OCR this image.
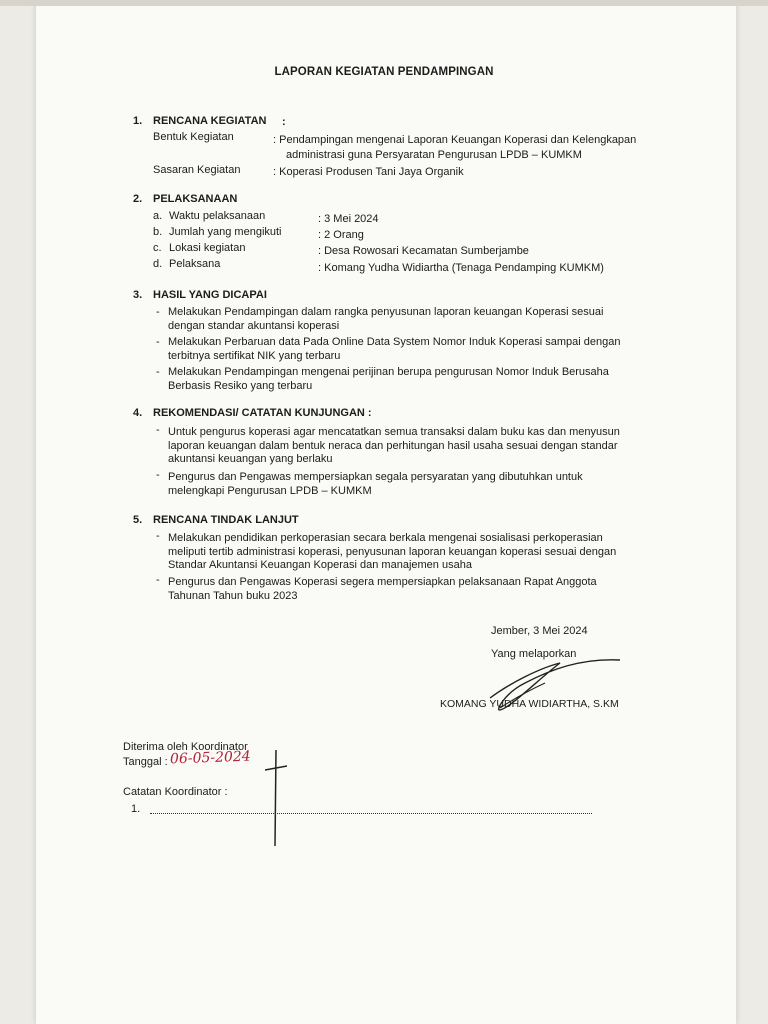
LAPORAN KEGIATAN PENDAMPINGAN
1. RENCANA KEGIATAN :
Bentuk Kegiatan	: Pendampingan mengenai Laporan Keuangan Koperasi dan Kelengkapan
administrasi guna Persyaratan Pengurusan LPDB – KUMKM
Sasaran Kegiatan	: Koperasi Produsen Tani Jaya Organik
2. PELAKSANAAN
a. Waktu pelaksanaan	: 3 Mei 2024
b. Jumlah yang mengikuti	: 2 Orang
c. Lokasi kegiatan	: Desa Rowosari Kecamatan Sumberjambe
d. Pelaksana	: Komang Yudha Widiartha (Tenaga Pendamping KUMKM)
3. HASIL YANG DICAPAI
- Melakukan Pendampingan dalam rangka penyusunan laporan keuangan Koperasi sesuai
dengan standar akuntansi koperasi
- Melakukan Perbaruan data Pada Online Data System Nomor Induk Koperasi sampai dengan
terbitnya sertifikat NIK yang terbaru
- Melakukan Pendampingan mengenai perijinan berupa pengurusan Nomor Induk Berusaha
Berbasis Resiko yang terbaru
4. REKOMENDASI/ CATATAN KUNJUNGAN :
- Untuk pengurus koperasi agar mencatatkan semua transaksi dalam buku kas dan menyusun
laporan keuangan dalam bentuk neraca dan perhitungan hasil usaha sesuai dengan standar
akuntansi keuangan yang berlaku
- Pengurus dan Pengawas mempersiapkan segala persyaratan yang dibutuhkan untuk
melengkapi Pengurusan LPDB – KUMKM
5. RENCANA TINDAK LANJUT
- Melakukan pendidikan perkoperasian secara berkala mengenai sosialisasi perkoperasian
meliputi tertib administrasi koperasi, penyusunan laporan keuangan koperasi sesuai dengan
Standar Akuntansi Keuangan Koperasi dan manajemen usaha
- Pengurus dan Pengawas Koperasi segera mempersiapkan pelaksanaan Rapat Anggota
Tahunan Tahun buku 2023
Jember, 3 Mei 2024
Yang melaporkan
KOMANG YUDHA WIDIARTHA, S.KM
Diterima oleh Koordinator
Tanggal : 06-05-2024
Catatan Koordinator :
1.
